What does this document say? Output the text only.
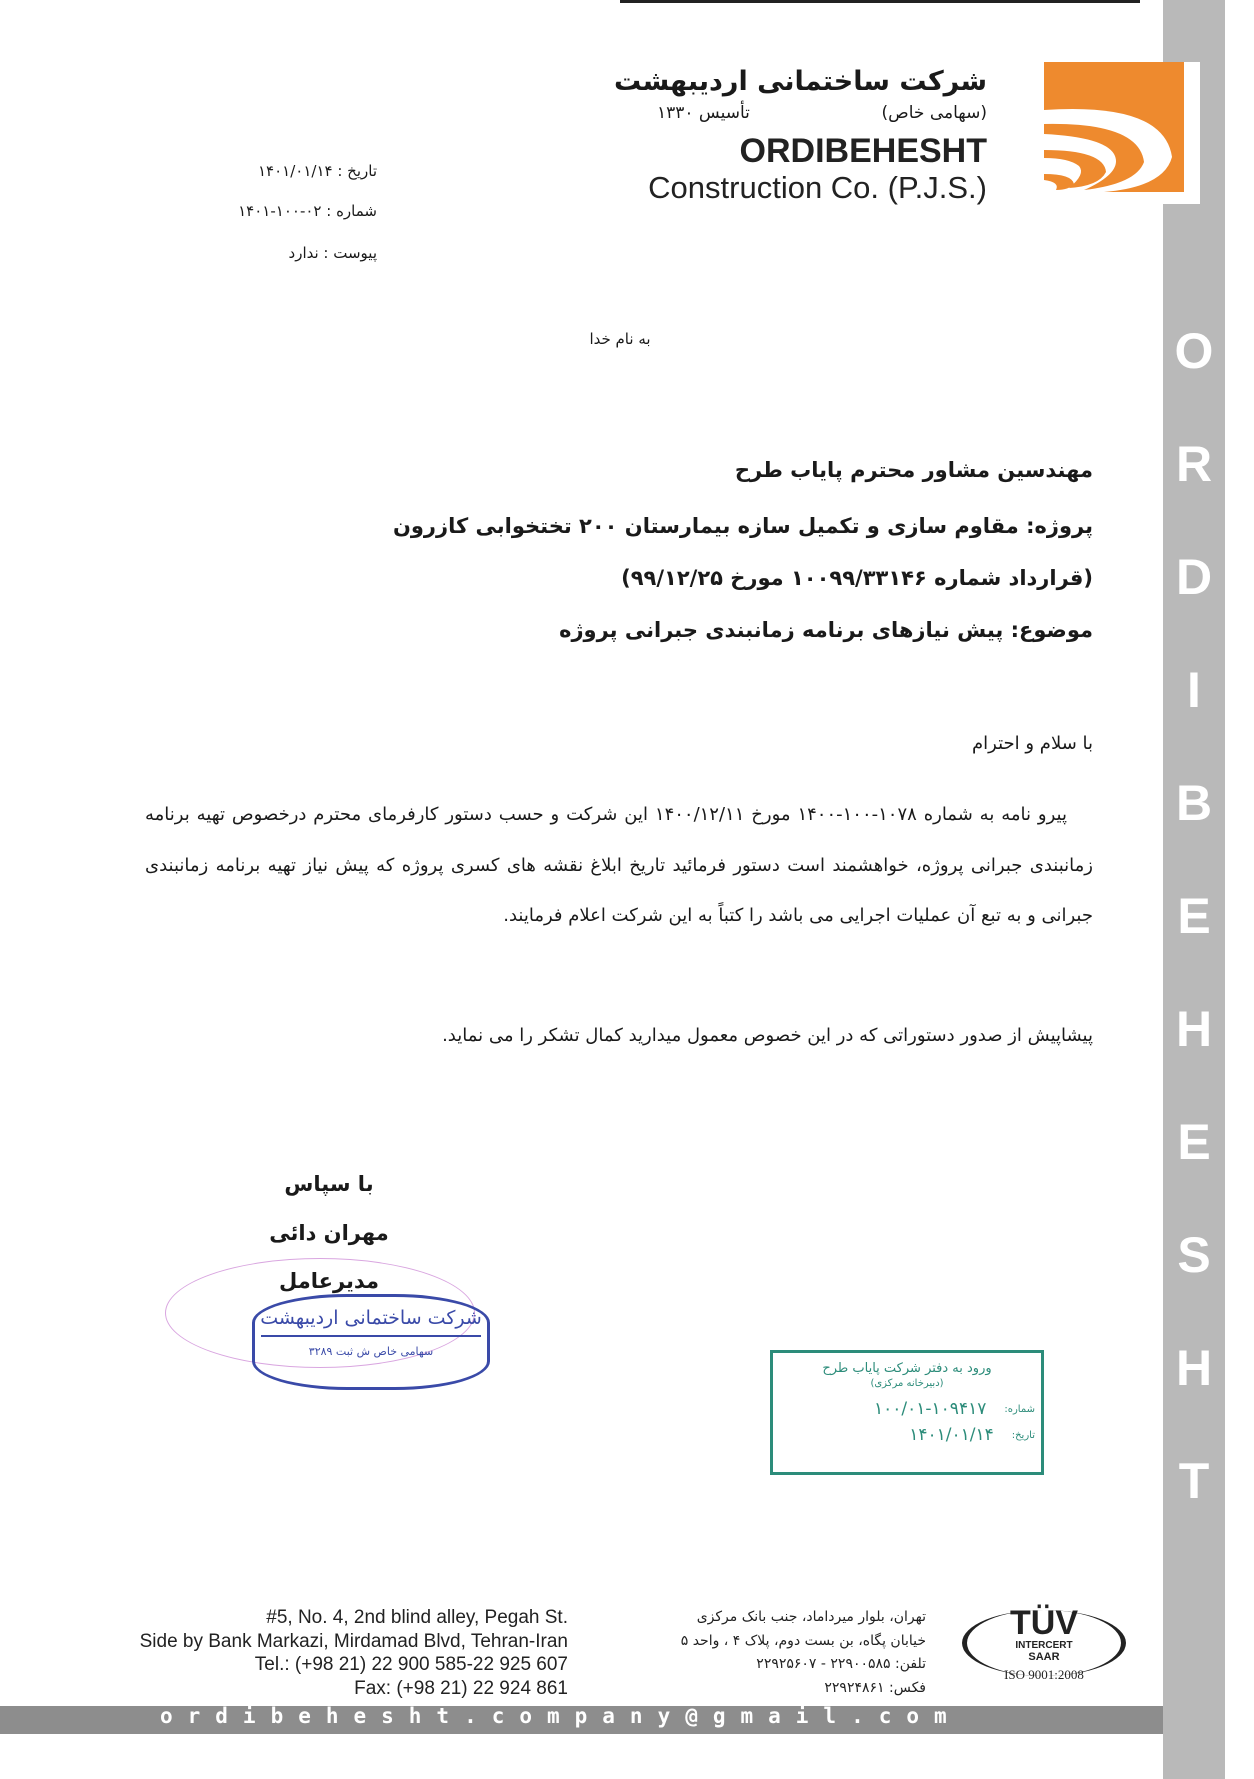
O
R
D
I
B
E
H
E
S
H
T
شرکت ساختمانی اردیبهشت
(سهامی خاص)
تأسیس ۱۳۳۰
ORDIBEHESHT
Construction Co. (P.J.S.)
تاریخ : ۱۴۰۱/۰۱/۱۴
شماره : ۰۲-۱۰۰-۱۴۰۱
پیوست : ندارد
به نام خدا
مهندسین مشاور محترم پایاب طرح
پروژه: مقاوم سازی و تکمیل سازه بیمارستان ۲۰۰ تختخوابی کازرون
(قرارداد شماره ۱۰۰۹۹/۳۳۱۴۶ مورخ ۹۹/۱۲/۲۵)
موضوع: پیش نیازهای برنامه زمانبندی جبرانی پروژه
با سلام و احترام
پیرو نامه به شماره ۱۰۷۸-۱۰۰-۱۴۰۰ مورخ ۱۴۰۰/۱۲/۱۱ این شرکت و حسب دستور کارفرمای محترم درخصوص تهیه برنامه زمانبندی جبرانی پروژه، خواهشمند است دستور فرمائید تاریخ ابلاغ نقشه های کسری پروژه که پیش نیاز تهیه برنامه زمانبندی جبرانی و به تبع آن عملیات اجرایی می باشد را کتباً به این شرکت اعلام فرمایند.
پیشاپیش از صدور دستوراتی که در این خصوص معمول میدارید کمال تشکر را می نماید.
با سپاس
مهران دائی
مدیرعامل
شرکت ساختمانی اردیبهشت
سهامی خاص ش ثبت ۳۲۸۹
ورود به دفتر شرکت پایاب طرح
(دبیرخانه مرکزی)
شماره:
۱۰۰/۰۱-۱۰۹۴۱۷
تاریخ:
۱۴۰۱/۰۱/۱۴
#5, No. 4, 2nd blind alley, Pegah St.
Side by Bank Markazi, Mirdamad Blvd, Tehran-Iran
Tel.: (+98 21) 22 900 585-22 925 607
Fax: (+98 21) 22 924 861
تهران، بلوار میرداماد، جنب بانک مرکزی
خیابان پگاه، بن بست دوم، پلاک ۴ ، واحد ۵
تلفن: ۲۲۹۰۰۵۸۵ - ۲۲۹۲۵۶۰۷
فکس: ۲۲۹۲۴۸۶۱
TÜV
INTERCERT
SAAR
ISO 9001:2008
ordibehesht.company@gmail.com
